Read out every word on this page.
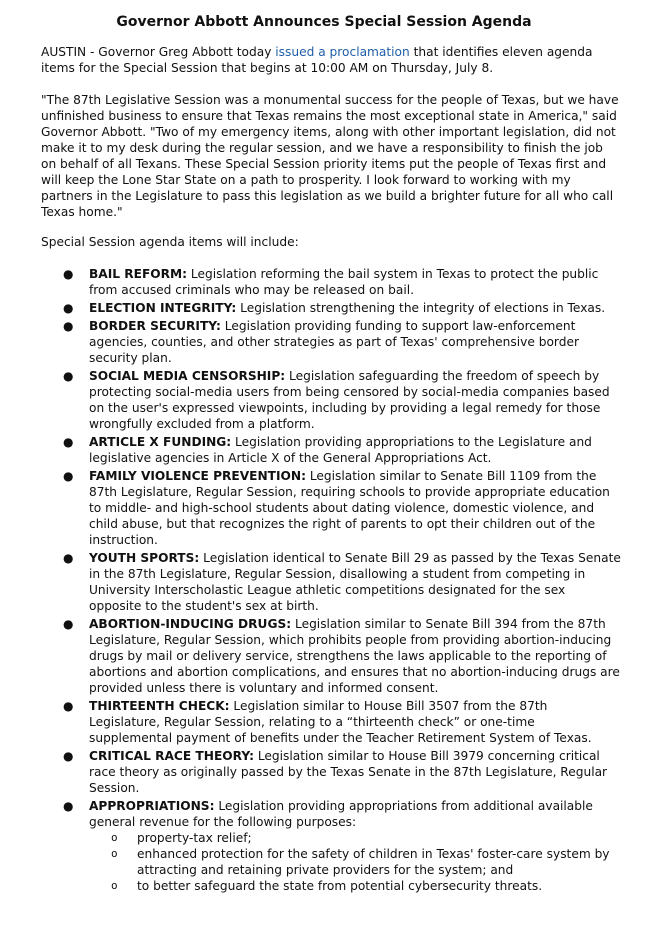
Governor Abbott Announces Special Session Agenda

AUSTIN - Governor Greg Abbott today issued a proclamation that identifies eleven agenda items for the Special Session that begins at 10:00 AM on Thursday, July 8.

"The 87th Legislative Session was a monumental success for the people of Texas, but we have unfinished business to ensure that Texas remains the most exceptional state in America," said Governor Abbott. "Two of my emergency items, along with other important legislation, did not make it to my desk during the regular session, and we have a responsibility to finish the job on behalf of all Texans. These Special Session priority items put the people of Texas first and will keep the Lone Star State on a path to prosperity. I look forward to working with my partners in the Legislature to pass this legislation as we build a brighter future for all who call Texas home."

Special Session agenda items will include:

● BAIL REFORM: Legislation reforming the bail system in Texas to protect the public from accused criminals who may be released on bail.
● ELECTION INTEGRITY: Legislation strengthening the integrity of elections in Texas.
● BORDER SECURITY: Legislation providing funding to support law-enforcement agencies, counties, and other strategies as part of Texas' comprehensive border security plan.
● SOCIAL MEDIA CENSORSHIP: Legislation safeguarding the freedom of speech by protecting social-media users from being censored by social-media companies based on the user's expressed viewpoints, including by providing a legal remedy for those wrongfully excluded from a platform.
● ARTICLE X FUNDING: Legislation providing appropriations to the Legislature and legislative agencies in Article X of the General Appropriations Act.
● FAMILY VIOLENCE PREVENTION: Legislation similar to Senate Bill 1109 from the 87th Legislature, Regular Session, requiring schools to provide appropriate education to middle- and high-school students about dating violence, domestic violence, and child abuse, but that recognizes the right of parents to opt their children out of the instruction.
● YOUTH SPORTS: Legislation identical to Senate Bill 29 as passed by the Texas Senate in the 87th Legislature, Regular Session, disallowing a student from competing in University Interscholastic League athletic competitions designated for the sex opposite to the student's sex at birth.
● ABORTION-INDUCING DRUGS: Legislation similar to Senate Bill 394 from the 87th Legislature, Regular Session, which prohibits people from providing abortion-inducing drugs by mail or delivery service, strengthens the laws applicable to the reporting of abortions and abortion complications, and ensures that no abortion-inducing drugs are provided unless there is voluntary and informed consent.
● THIRTEENTH CHECK: Legislation similar to House Bill 3507 from the 87th Legislature, Regular Session, relating to a “thirteenth check” or one-time supplemental payment of benefits under the Teacher Retirement System of Texas.
● CRITICAL RACE THEORY: Legislation similar to House Bill 3979 concerning critical race theory as originally passed by the Texas Senate in the 87th Legislature, Regular Session.
● APPROPRIATIONS: Legislation providing appropriations from additional available general revenue for the following purposes:
o property-tax relief;
o enhanced protection for the safety of children in Texas' foster-care system by attracting and retaining private providers for the system; and
o to better safeguard the state from potential cybersecurity threats.
